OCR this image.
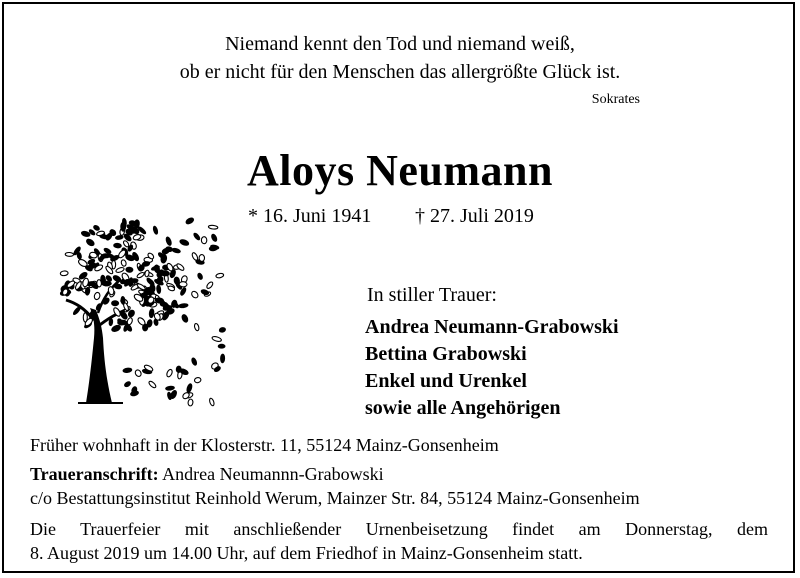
Niemand kennt den Tod und niemand weiß,
ob er nicht für den Menschen das allergrößte Glück ist.
Sokrates
Aloys Neumann
* 16. Juni 1941 † 27. Juli 2019
In stiller Trauer:
Andrea Neumann-Grabowski
Bettina Grabowski
Enkel und Urenkel
sowie alle Angehörigen
Früher wohnhaft in der Klosterstr. 11, 55124 Mainz-Gonsenheim
Traueranschrift: Andrea Neumannn-Grabowski
c/o Bestattungsinstitut Reinhold Werum, Mainzer Str. 84, 55124 Mainz-Gonsenheim
Die Trauerfeier mit anschließender Urnenbeisetzung findet am Donnerstag, dem
8. August 2019 um 14.00 Uhr, auf dem Friedhof in Mainz-Gonsenheim statt.
